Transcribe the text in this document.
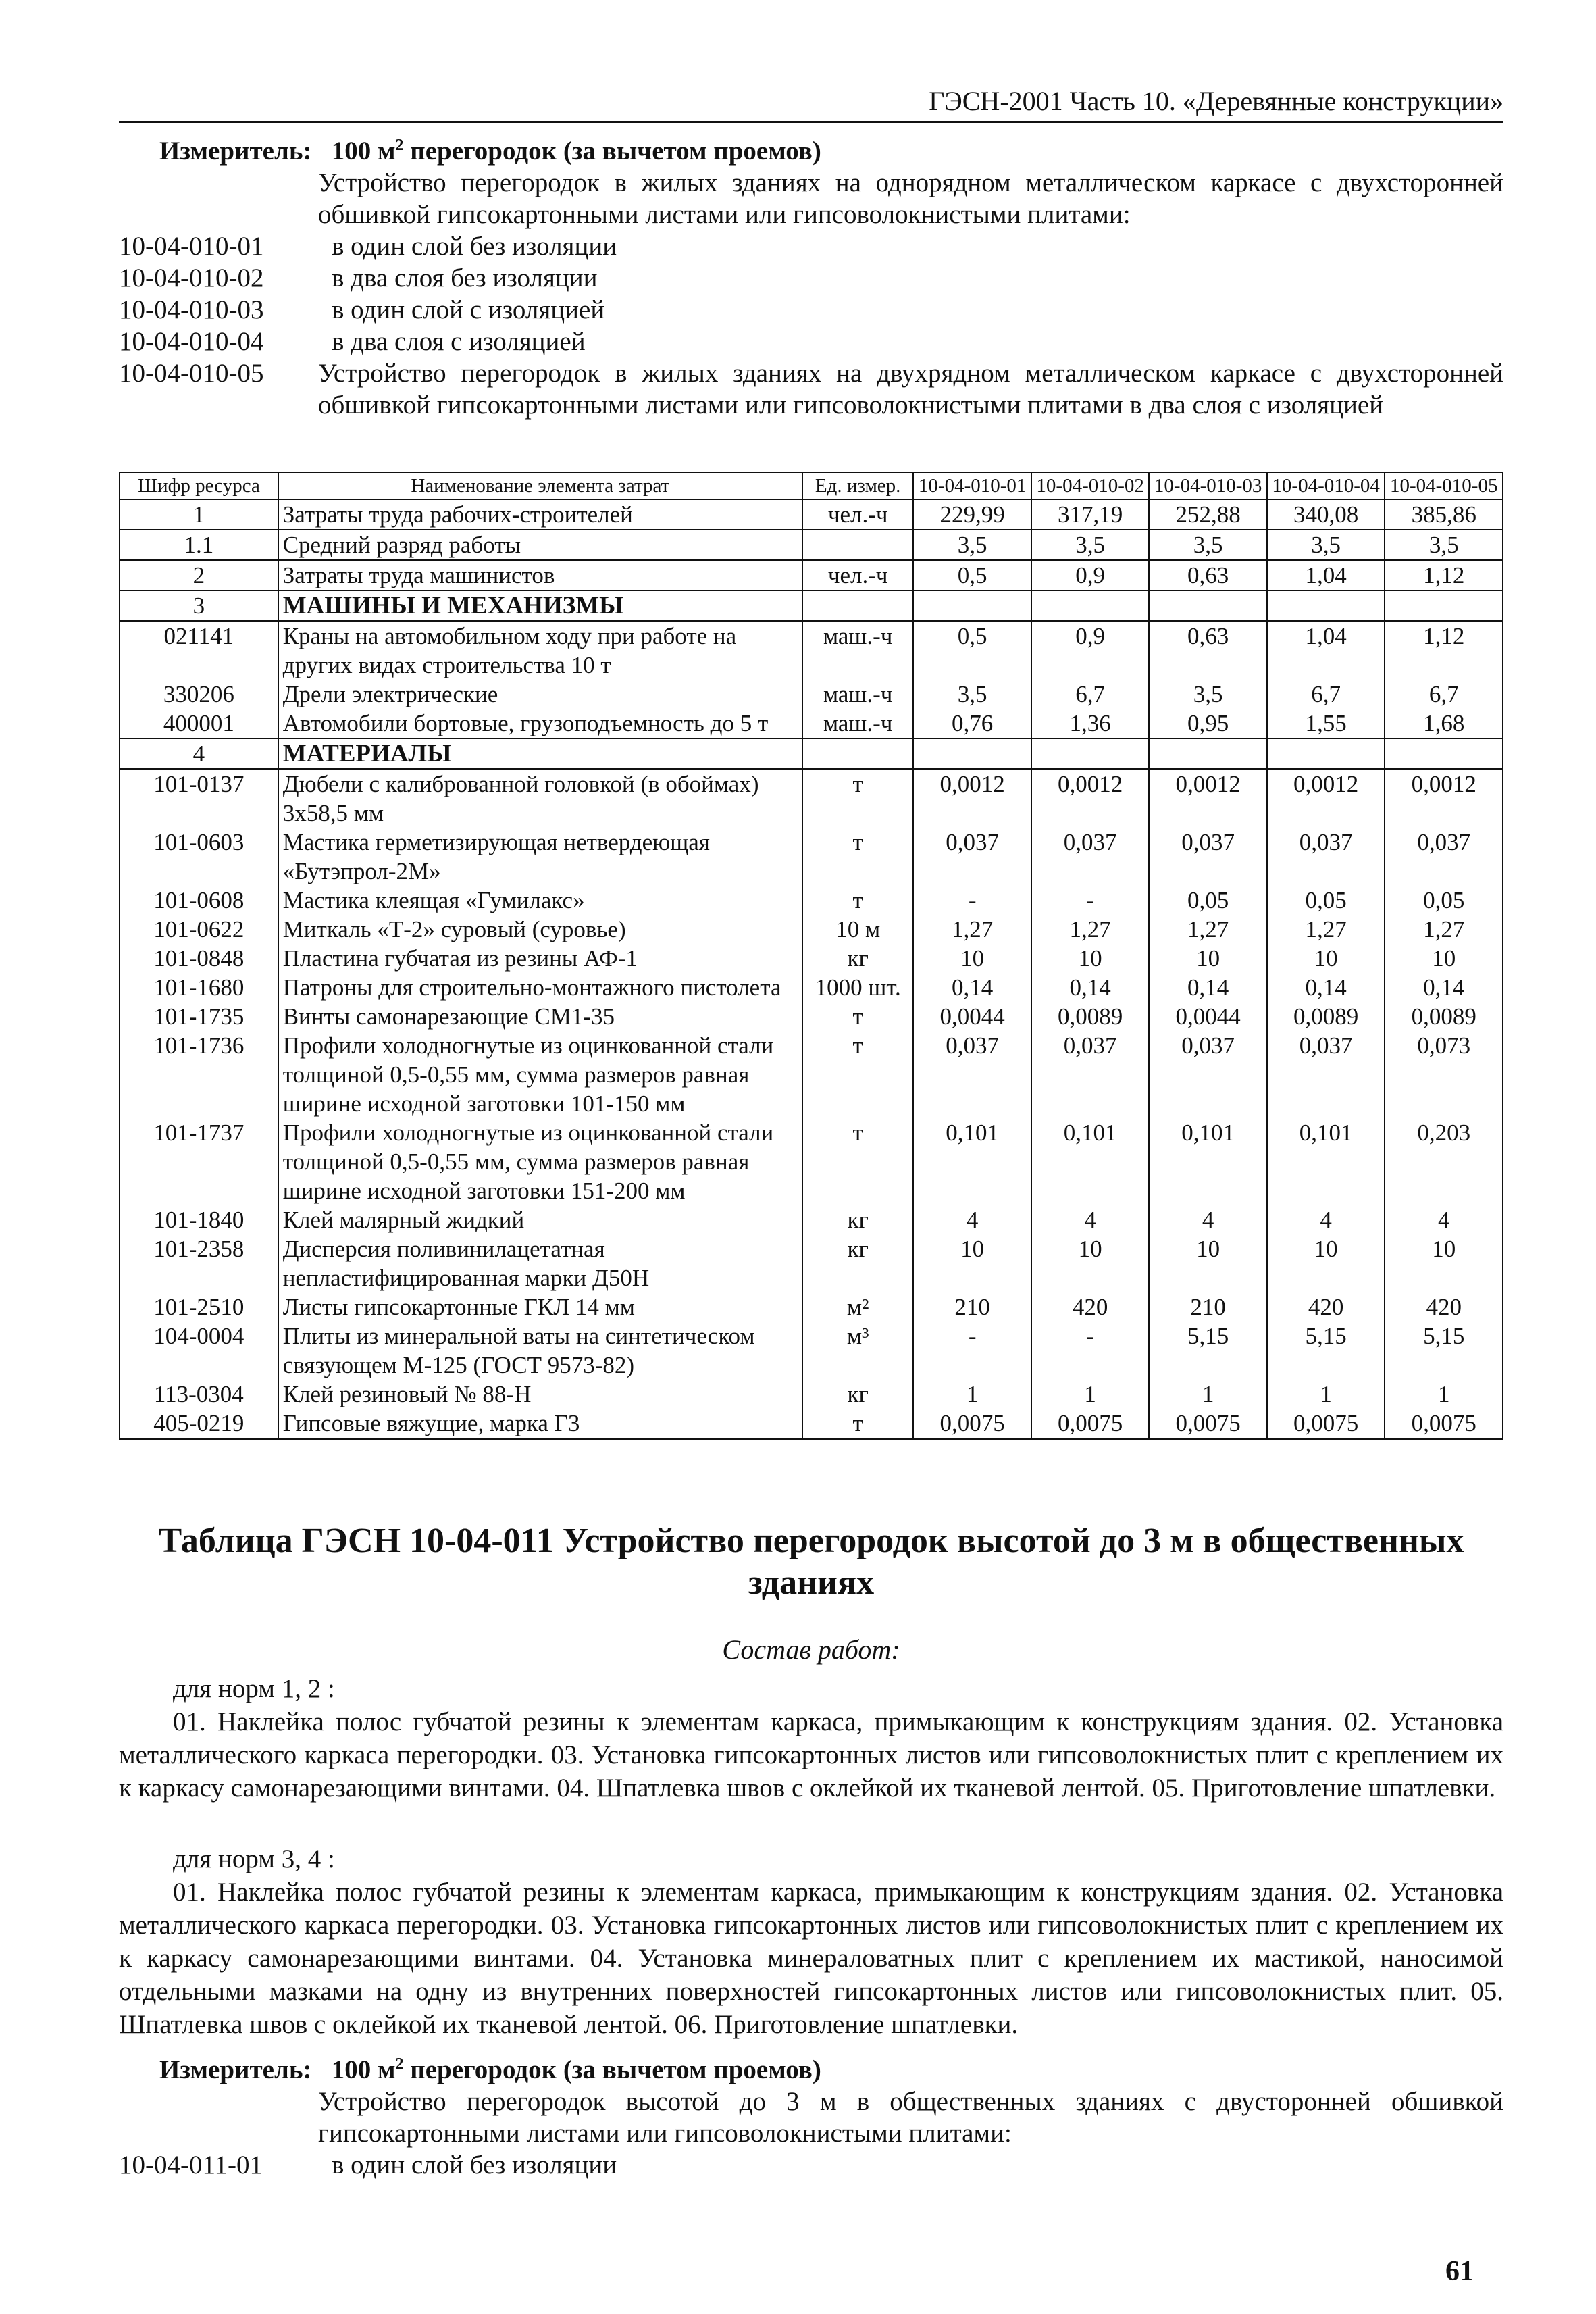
ГЭСН-2001 Часть 10. «Деревянные конструкции»
Измеритель: 100 $м^2$ перегородок (за вычетом проемов)
Устройство перегородок в жилых зданиях на однорядном металлическом каркасе с двухсторонней обшивкой гипсокартонными листами или гипсоволокнистыми плитами:
10-04-010-01	в один слой без изоляции
10-04-010-02	в два слоя без изоляции
10-04-010-03	в один слой с изоляцией
10-04-010-04	в два слоя с изоляцией
10-04-010-05	Устройство перегородок в жилых зданиях на двухрядном металлическом каркасе с двухсторонней обшивкой гипсокартонными листами или гипсоволокнистыми плитами в два слоя с изоляцией
Шифр ресурса	Наименование элемента затрат	Ед. измер.	10-04-010-01	10-04-010-02	10-04-010-03	10-04-010-04	10-04-010-05
1	Затраты труда рабочих-строителей	чел.-ч	229,99	317,19	252,88	340,08	385,86
1.1	Средний разряд работы		3,5	3,5	3,5	3,5	3,5
2	Затраты труда машинистов	чел.-ч	0,5	0,9	0,63	1,04	1,12
3	МАШИНЫ И МЕХАНИЗМЫ						
021141	Краны на автомобильном ходу при работе на других видах строительства 10 т	маш.-ч	0,5	0,9	0,63	1,04	1,12
330206	Дрели электрические	маш.-ч	3,5	6,7	3,5	6,7	6,7
400001	Автомобили бортовые, грузоподъемность до 5 т	маш.-ч	0,76	1,36	0,95	1,55	1,68
4	МАТЕРИАЛЫ						
101-0137	Дюбели с калиброванной головкой (в обоймах) 3x58,5 мм	т	0,0012	0,0012	0,0012	0,0012	0,0012
101-0603	Мастика герметизирующая нетвердеющая «Бутэпрол-2М»	т	0,037	0,037	0,037	0,037	0,037
101-0608	Мастика клеящая «Гумилакс»	т	-	-	0,05	0,05	0,05
101-0622	Миткаль «Т-2» суровый (суровье)	10 м	1,27	1,27	1,27	1,27	1,27
101-0848	Пластина губчатая из резины АФ-1	кг	10	10	10	10	10
101-1680	Патроны для строительно-монтажного пистолета	1000 шт.	0,14	0,14	0,14	0,14	0,14
101-1735	Винты самонарезающие СМ1-35	т	0,0044	0,0089	0,0044	0,0089	0,0089
101-1736	Профили холодногнутые из оцинкованной стали толщиной 0,5-0,55 мм, сумма размеров равная ширине исходной заготовки 101-150 мм	т	0,037	0,037	0,037	0,037	0,073
101-1737	Профили холодногнутые из оцинкованной стали толщиной 0,5-0,55 мм, сумма размеров равная ширине исходной заготовки 151-200 мм	т	0,101	0,101	0,101	0,101	0,203
101-1840	Клей малярный жидкий	кг	4	4	4	4	4
101-2358	Дисперсия поливинилацетатная непластифицированная марки Д50Н	кг	10	10	10	10	10
101-2510	Листы гипсокартонные ГКЛ 14 мм	м²	210	420	210	420	420
104-0004	Плиты из минеральной ваты на синтетическом связующем М-125 (ГОСТ 9573-82)	м³	-	-	5,15	5,15	5,15
113-0304	Клей резиновый № 88-Н	кг	1	1	1	1	1
405-0219	Гипсовые вяжущие, марка Г3	т	0,0075	0,0075	0,0075	0,0075	0,0075
Таблица ГЭСН 10-04-011 Устройство перегородок высотой до 3 м в общественных зданиях
Состав работ:
для норм 1, 2 :
01. Наклейка полос губчатой резины к элементам каркаса, примыкающим к конструкциям здания. 02. Установка металлического каркаса перегородки. 03. Установка гипсокартонных листов или гипсоволокнистых плит с креплением их к каркасу самонарезающими винтами. 04. Шпатлевка швов с оклейкой их тканевой лентой. 05. Приготовление шпатлевки.
для норм 3, 4 :
01. Наклейка полос губчатой резины к элементам каркаса, примыкающим к конструкциям здания. 02. Установка металлического каркаса перегородки. 03. Установка гипсокартонных листов или гипсоволокнистых плит с креплением их к каркасу самонарезающими винтами. 04. Установка минераловатных плит с креплением их мастикой, наносимой отдельными мазками на одну из внутренних поверхностей гипсокартонных листов или гипсоволокнистых плит. 05. Шпатлевка швов с оклейкой их тканевой лентой. 06. Приготовление шпатлевки.
Измеритель: 100 $м^2$ перегородок (за вычетом проемов)
Устройство перегородок высотой до 3 м в общественных зданиях с двусторонней обшивкой гипсокартонными листами или гипсоволокнистыми плитами:
10-04-011-01	в один слой без изоляции
61
